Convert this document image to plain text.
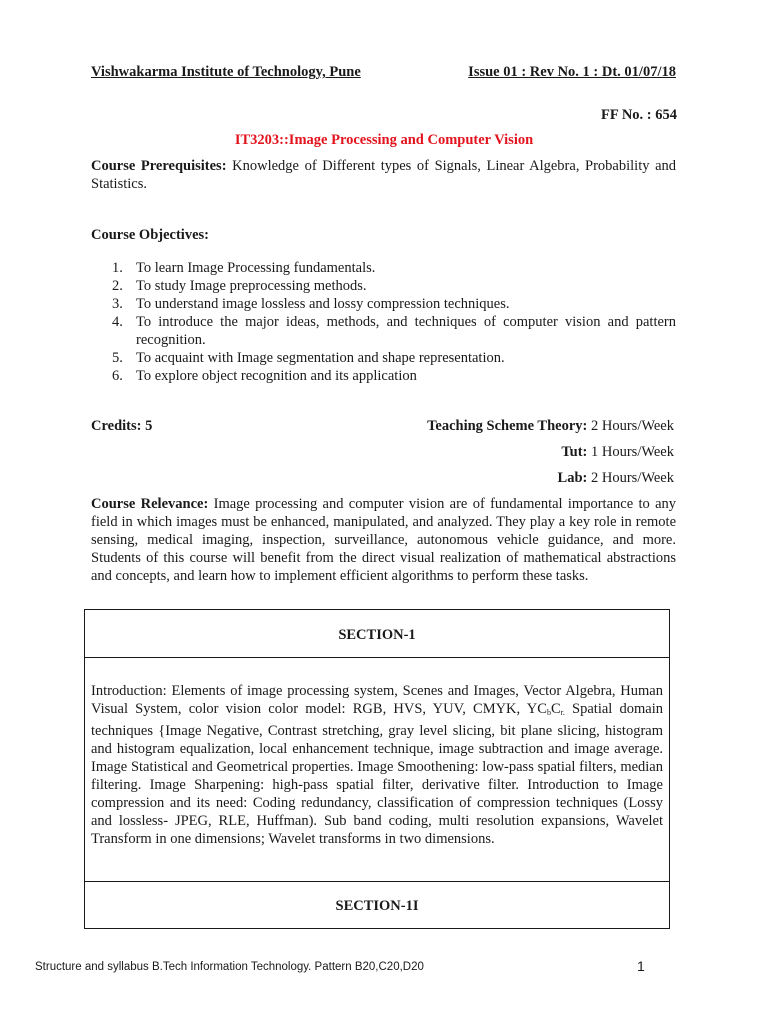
Vishwakarma Institute of Technology, Pune	Issue 01 : Rev No. 1 : Dt. 01/07/18
FF No. : 654
IT3203::Image Processing and Computer Vision
Course Prerequisites: Knowledge of Different types of Signals, Linear Algebra, Probability and Statistics.
Course Objectives:
1. To learn Image Processing fundamentals.
2. To study Image preprocessing methods.
3. To understand image lossless and lossy compression techniques.
4. To introduce the major ideas, methods, and techniques of computer vision and pattern recognition.
5. To acquaint with Image segmentation and shape representation.
6. To explore object recognition and its application
Credits: 5	Teaching Scheme Theory: 2 Hours/Week
Tut: 1 Hours/Week
Lab: 2 Hours/Week
Course Relevance: Image processing and computer vision are of fundamental importance to any field in which images must be enhanced, manipulated, and analyzed. They play a key role in remote sensing, medical imaging, inspection, surveillance, autonomous vehicle guidance, and more. Students of this course will benefit from the direct visual realization of mathematical abstractions and concepts, and learn how to implement efficient algorithms to perform these tasks.
SECTION-1

Introduction: Elements of image processing system, Scenes and Images, Vector Algebra, Human Visual System, color vision color model: RGB, HVS, YUV, CMYK, $YC_bC_{r.}$ Spatial domain techniques {Image Negative, Contrast stretching, gray level slicing, bit plane slicing, histogram and histogram equalization, local enhancement technique, image subtraction and image average. Image Statistical and Geometrical properties. Image Smoothening: low-pass spatial filters, median filtering. Image Sharpening: high-pass spatial filter, derivative filter. Introduction to Image compression and its need: Coding redundancy, classification of compression techniques (Lossy and lossless- JPEG, RLE, Huffman). Sub band coding, multi resolution expansions, Wavelet Transform in one dimensions; Wavelet transforms in two dimensions.

SECTION-1I
Structure and syllabus B.Tech Information Technology. Pattern B20,C20,D20	1
